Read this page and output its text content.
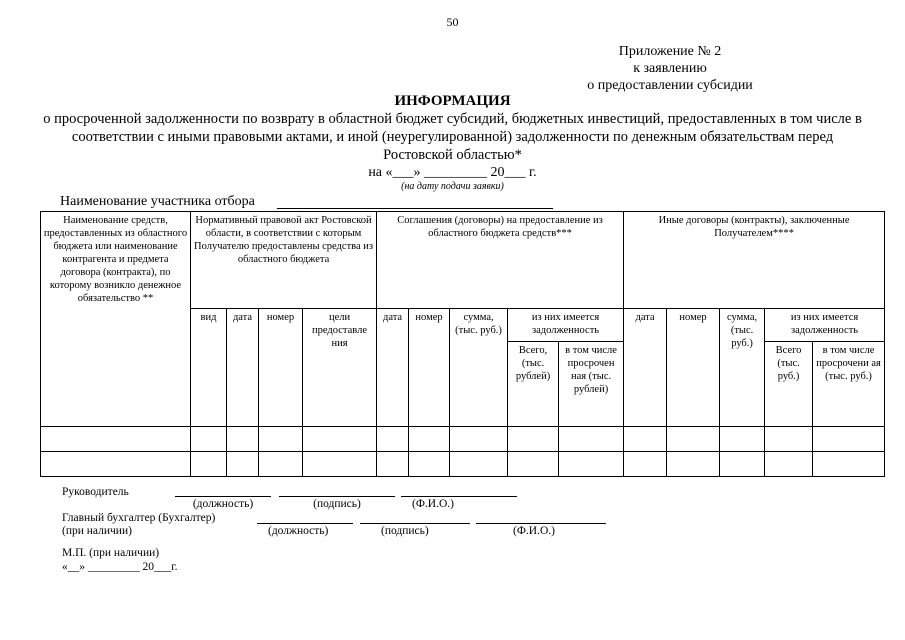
50
Приложение № 2
к заявлению
о предоставлении субсидии
ИНФОРМАЦИЯ
о просроченной задолженности по возврату в областной бюджет субсидий, бюджетных инвестиций, предоставленных в том числе в соответствии с иными правовыми актами, и иной (неурегулированной) задолженности по денежным обязательствам перед Ростовской областью*
на «___» _________ 20___ г.
(на дату подачи заявки)
Наименование участника отбора
Наименование средств, предоставленных из областного бюджета или наименование контрагента и предмета договора (контракта), по которому возникло денежное обязательство **	Нормативный правовой акт Ростовской области, в соответствии с которым Получателю предоставлены средства из областного бюджета				Соглашения (договоры) на предоставление из областного бюджета средств***					Иные договоры (контракты), заключенные Получателем****				
	вид	дата	номер	цели предоставле ния	дата	номер	сумма, (тыс. руб.)	из них имеется задолженность		дата	номер	сумма, (тыс. руб.)	из них имеется задолженность	
								Всего, (тыс. рублей)	в том числе просрочен ная (тыс. рублей)				Всего (тыс. руб.)	в том числе просрочени ая (тыс. руб.)

Руководитель
(должность)	(подпись)	(Ф.И.О.)
Главный бухгалтер (Бухгалтер)
(при наличии)	(должность)	(подпись)	(Ф.И.О.)
М.П. (при наличии)
«__» _________ 20___г.
